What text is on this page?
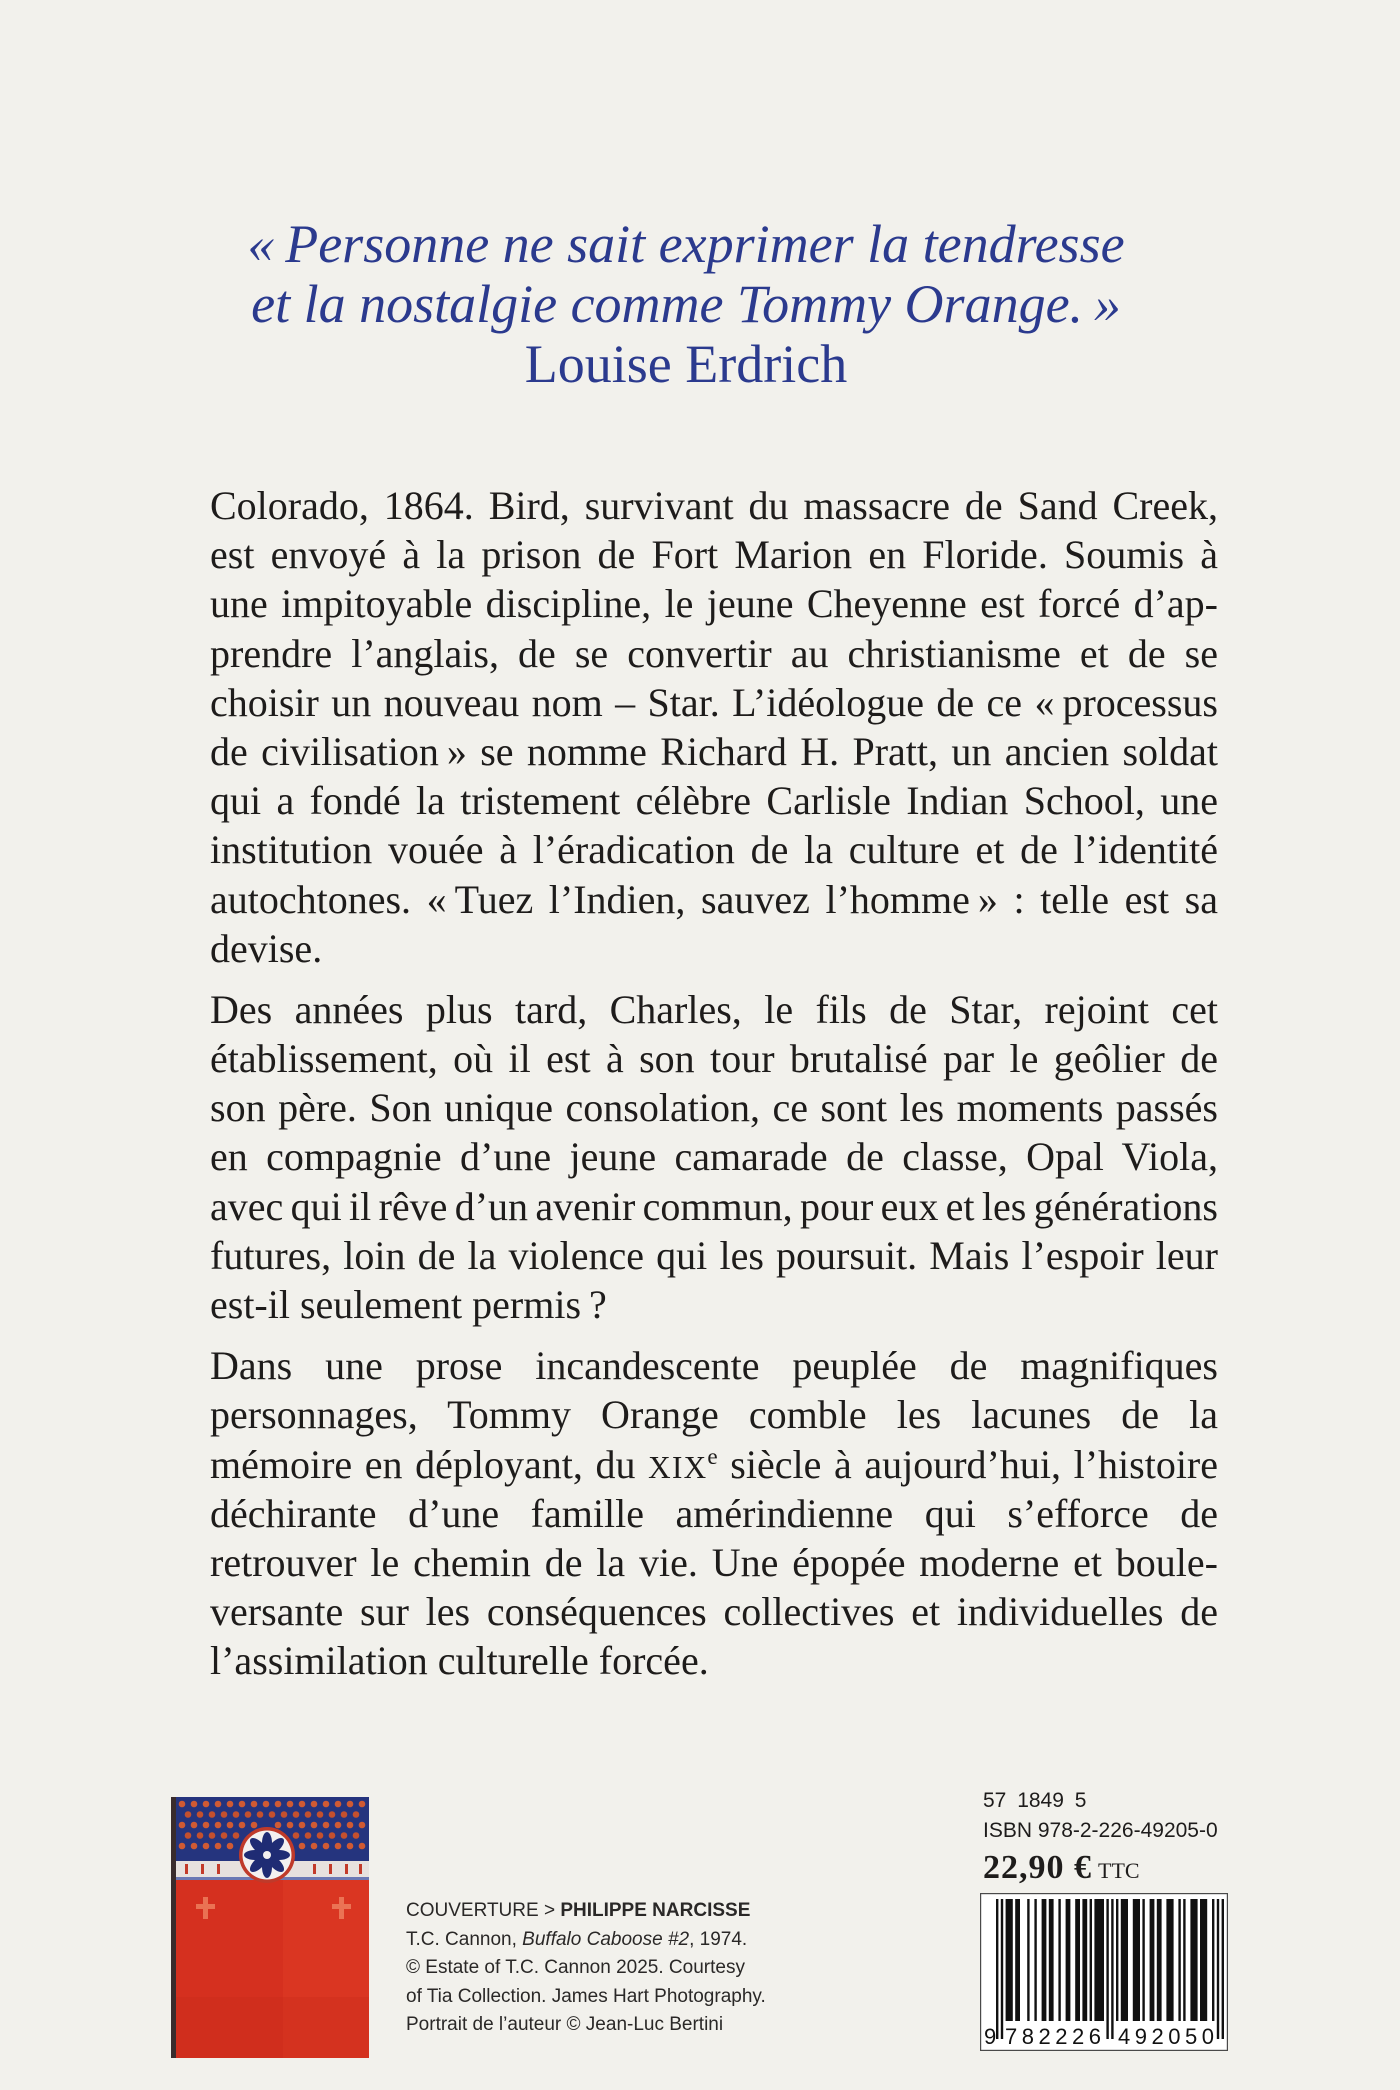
« Personne ne sait exprimer la tendresse
et la nostalgie comme Tommy Orange. »
Louise Erdrich
Colorado, 1864. Bird, survivant du massacre de Sand Creek,
est envoyé à la prison de Fort Marion en Floride. Soumis à
une impitoyable discipline, le jeune Cheyenne est forcé d’ap-
prendre l’anglais, de se convertir au christianisme et de se
choisir un nouveau nom – Star. L’idéologue de ce « processus
de civilisation » se nomme Richard H. Pratt, un ancien soldat
qui a fondé la tristement célèbre Carlisle Indian School, une
institution vouée à l’éradication de la culture et de l’identité
autochtones. « Tuez l’Indien, sauvez l’homme » : telle est sa
devise.
Des années plus tard, Charles, le fils de Star, rejoint cet
établissement, où il est à son tour brutalisé par le geôlier de
son père. Son unique consolation, ce sont les moments passés
en compagnie d’une jeune camarade de classe, Opal Viola,
avec qui il rêve d’un avenir commun, pour eux et les générations
futures, loin de la violence qui les poursuit. Mais l’espoir leur
est-il seulement permis ?
Dans une prose incandescente peuplée de magnifiques
personnages, Tommy Orange comble les lacunes de la
mémoire en déployant, du XIXe siècle à aujourd’hui, l’histoire
déchirante d’une famille amérindienne qui s’efforce de
retrouver le chemin de la vie. Une épopée moderne et boule-
versante sur les conséquences collectives et individuelles de
l’assimilation culturelle forcée.
COUVERTURE > PHILIPPE NARCISSE
T.C. Cannon, Buffalo Caboose #2, 1974.
© Estate of T.C. Cannon 2025. Courtesy
of Tia Collection. James Hart Photography.
Portrait de l’auteur © Jean-Luc Bertini
57 1849 5
ISBN 978-2-226-49205-0
22,90 € TTC
9 782226 492050
